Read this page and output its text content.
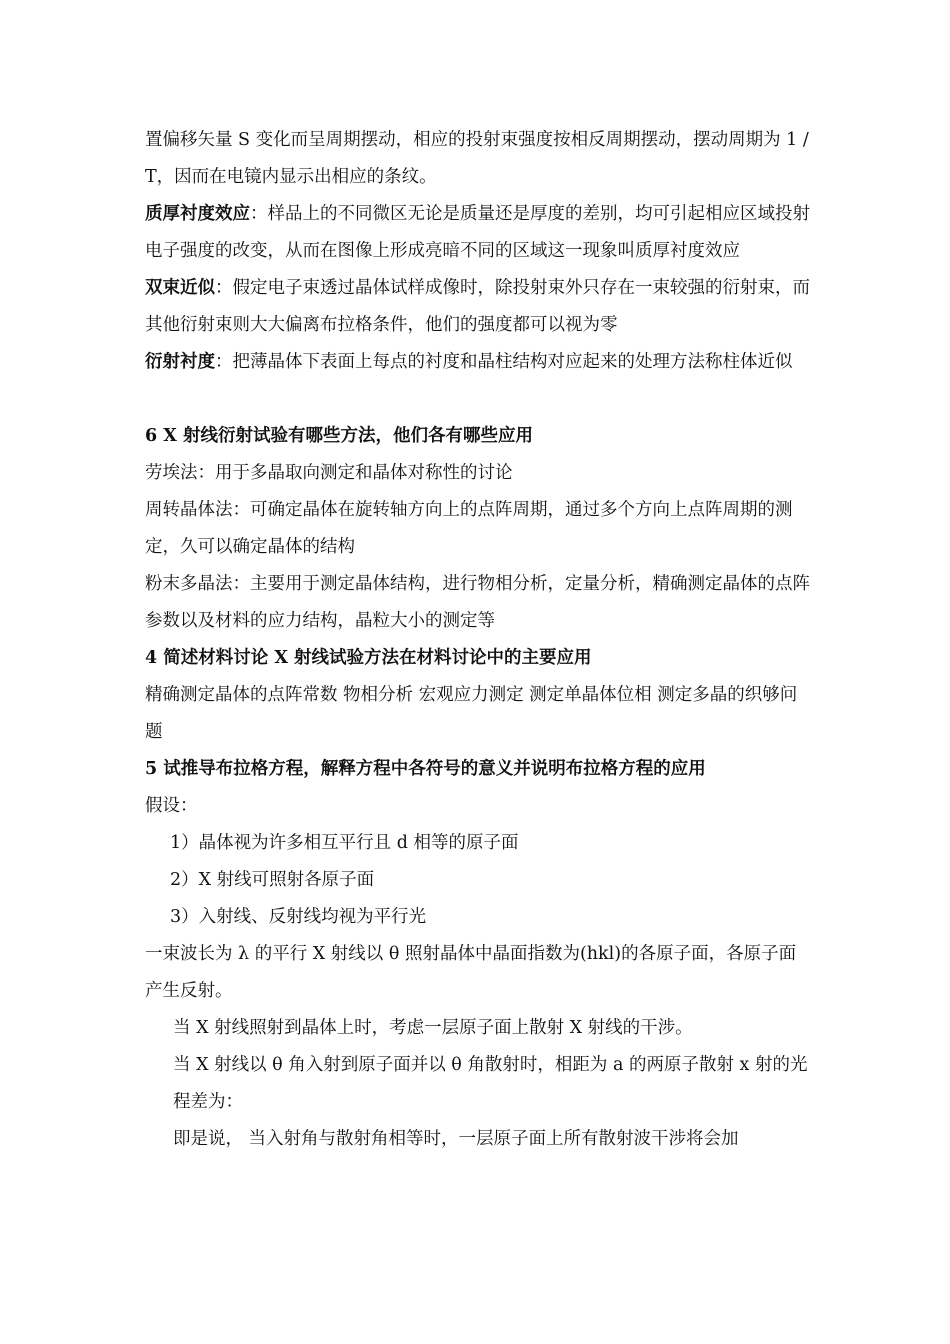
置偏移矢量 S 变化而呈周期摆动，相应的投射束强度按相反周期摆动，摆动周期为 1 / T，因而在电镜内显示出相应的条纹。

质厚衬度效应：样品上的不同微区无论是质量还是厚度的差别，均可引起相应区域投射电子强度的改变，从而在图像上形成亮暗不同的区域这一现象叫质厚衬度效应

双束近似：假定电子束透过晶体试样成像时，除投射束外只存在一束较强的衍射束，而其他衍射束则大大偏离布拉格条件，他们的强度都可以视为零

衍射衬度：把薄晶体下表面上每点的衬度和晶柱结构对应起来的处理方法称柱体近似

6 X 射线衍射试验有哪些方法，他们各有哪些应用

劳埃法：用于多晶取向测定和晶体对称性的讨论

周转晶体法：可确定晶体在旋转轴方向上的点阵周期，通过多个方向上点阵周期的测定，久可以确定晶体的结构

粉末多晶法：主要用于测定晶体结构，进行物相分析，定量分析，精确测定晶体的点阵参数以及材料的应力结构，晶粒大小的测定等

4 简述材料讨论 X 射线试验方法在材料讨论中的主要应用

精确测定晶体的点阵常数 物相分析 宏观应力测定 测定单晶体位相 测定多晶的织够问题

5 试推导布拉格方程，解释方程中各符号的意义并说明布拉格方程的应用

假设：

1）晶体视为许多相互平行且 d 相等的原子面

2）X 射线可照射各原子面

3）入射线、反射线均视为平行光

一束波长为 λ 的平行 X 射线以 θ 照射晶体中晶面指数为(hkl)的各原子面，各原子面产生反射。

当 X 射线照射到晶体上时，考虑一层原子面上散射 X 射线的干涉。

当 X 射线以 θ 角入射到原子面并以 θ 角散射时，相距为 a 的两原子散射 x 射的光程差为：

即是说， 当入射角与散射角相等时，一层原子面上所有散射波干涉将会加
